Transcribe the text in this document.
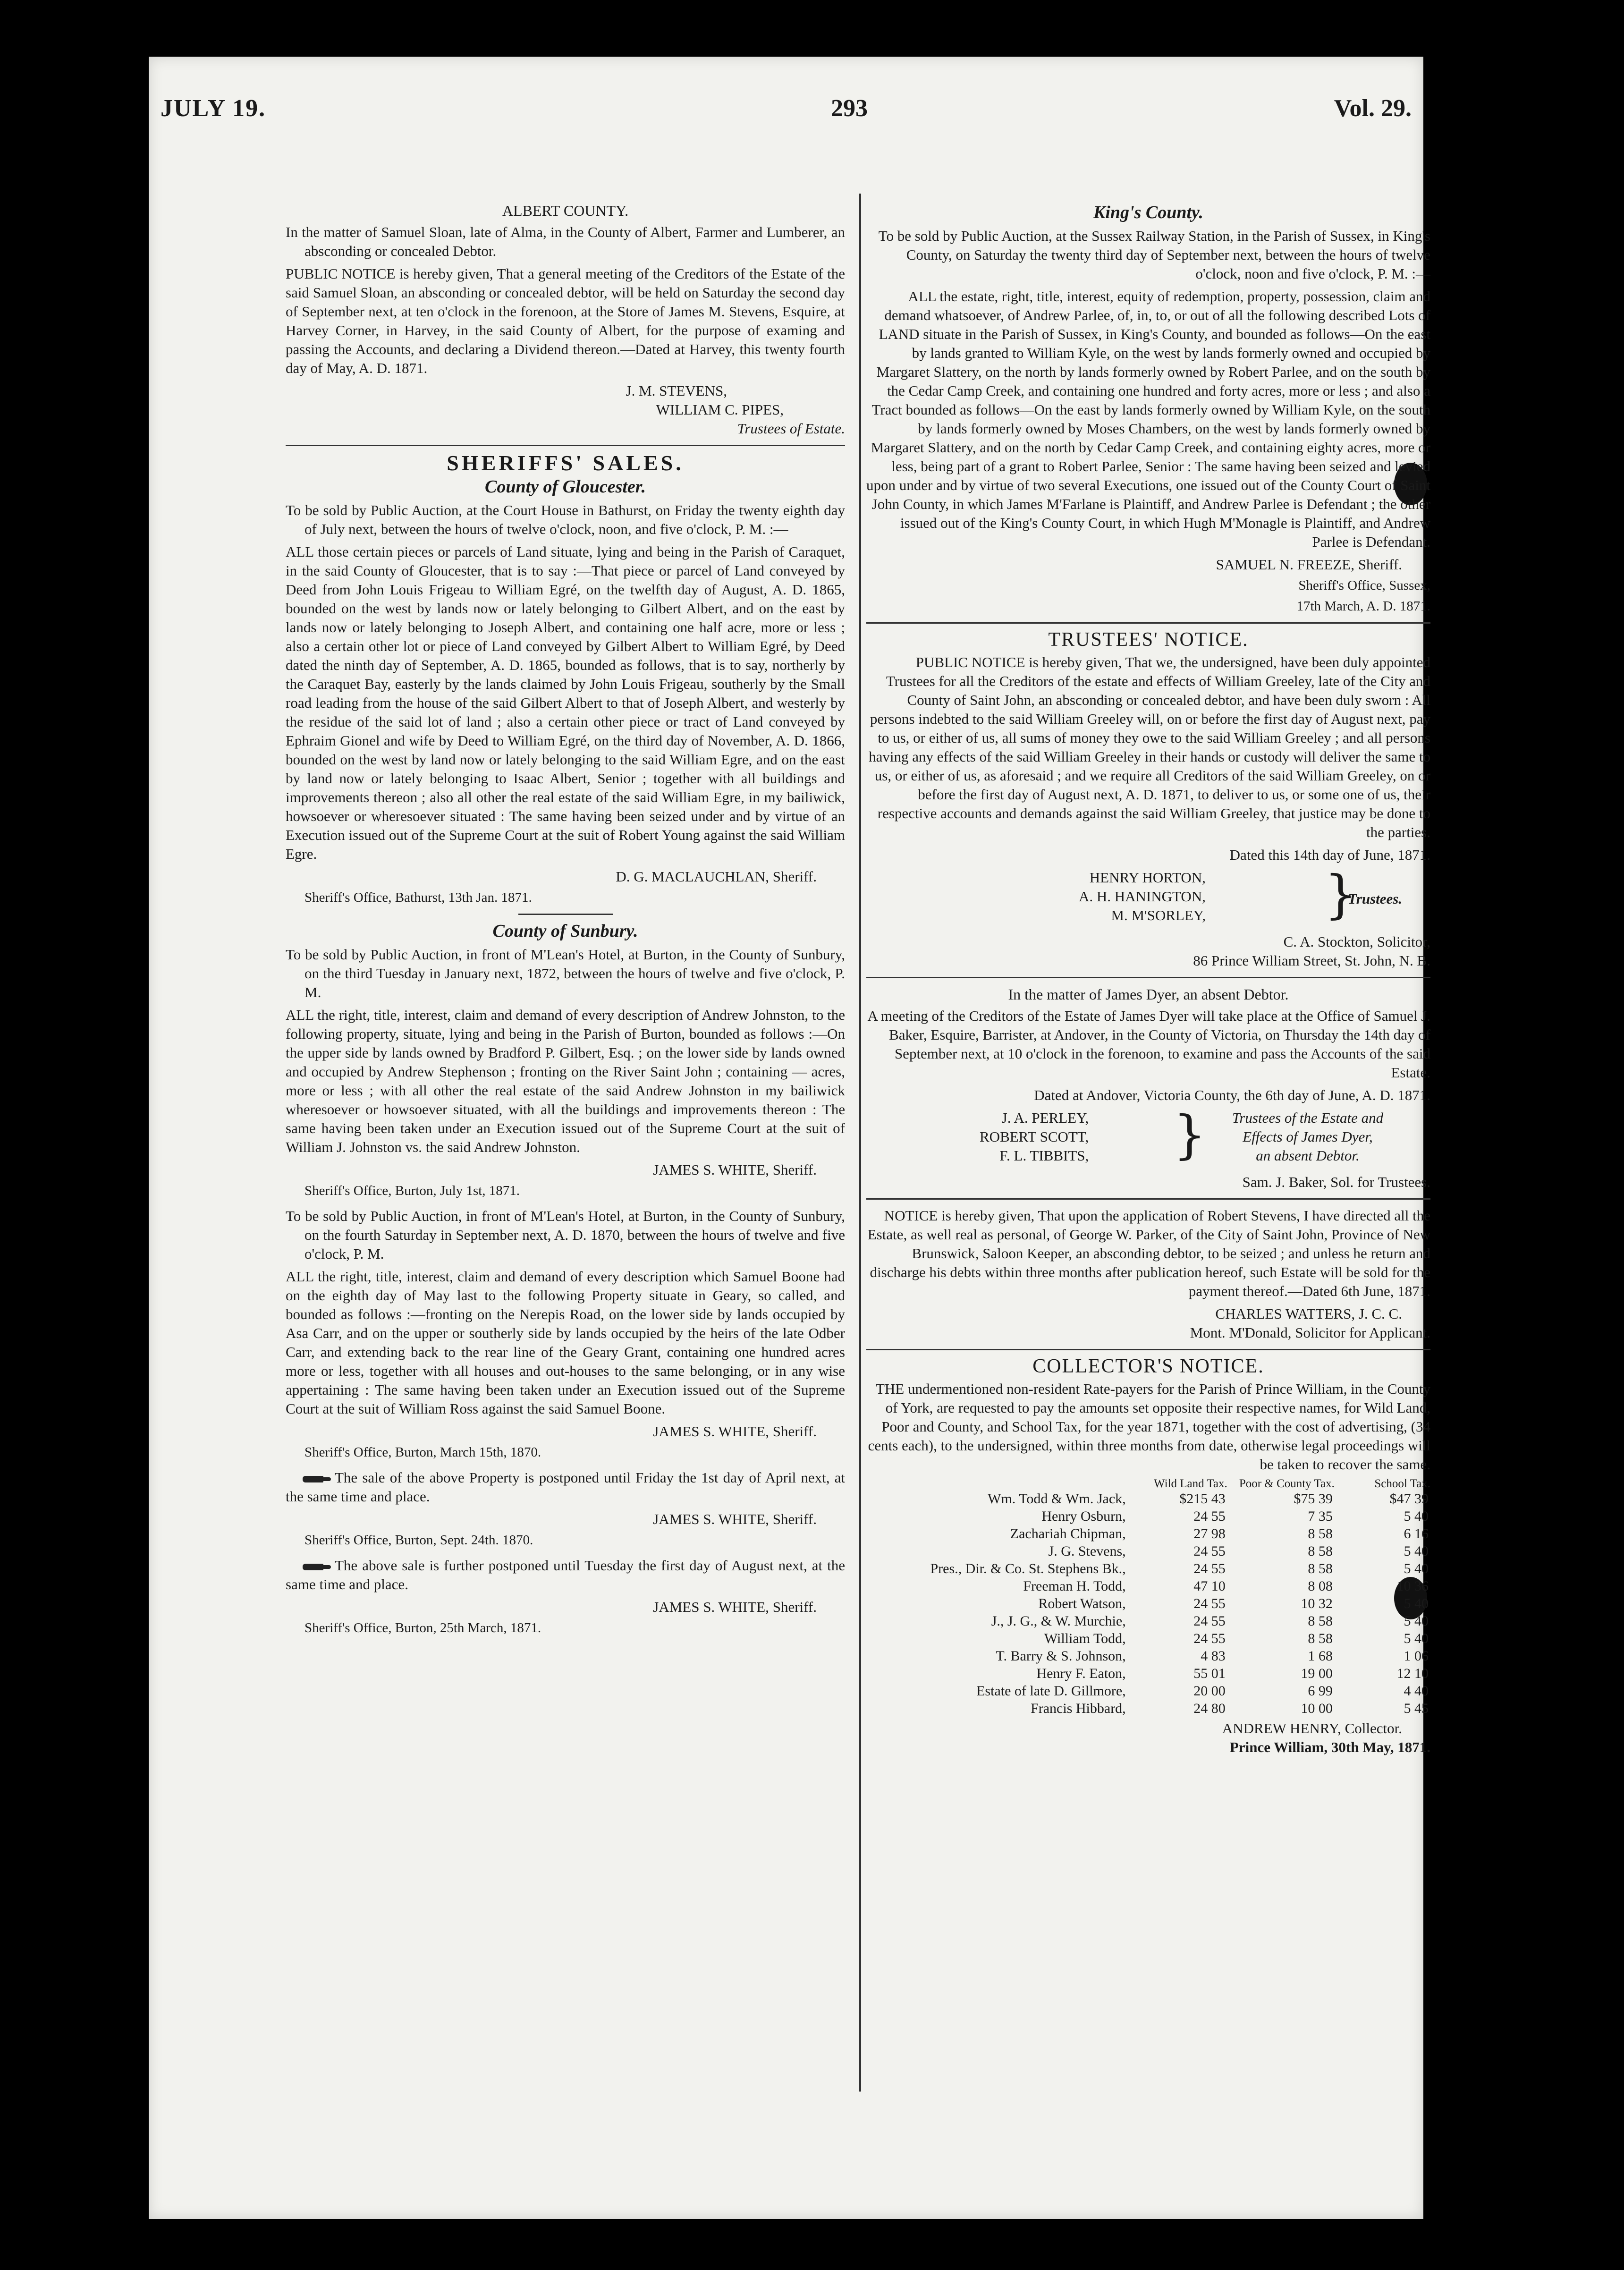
JULY 19.	293	Vol. 29.
ALBERT COUNTY.

In the matter of Samuel Sloan, late of Alma, in the County of Albert, Farmer and Lumberer, an absconding or concealed Debtor.

PUBLIC NOTICE is hereby given, That a general meeting of the Creditors of the Estate of the said Samuel Sloan, an absconding or concealed debtor, will be held on Saturday the second day of September next, at ten o'clock in the forenoon, at the Store of James M. Stevens, Esquire, at Harvey Corner, in Harvey, in the said County of Albert, for the purpose of examing and passing the Accounts, and declaring a Dividend thereon.—Dated at Harvey, this twenty fourth day of May, A. D. 1871.

J. M. STEVENS,
WILLIAM C. PIPES,
Trustees of Estate.
SHERIFFS' SALES.
County of Gloucester.

To be sold by Public Auction, at the Court House in Bathurst, on Friday the twenty eighth day of July next, between the hours of twelve o'clock, noon, and five o'clock, P. M. :—

ALL those certain pieces or parcels of Land situate, lying and being in the Parish of Caraquet, in the said County of Gloucester, that is to say :—That piece or parcel of Land conveyed by Deed from John Louis Frigeau to William Egré, on the twelfth day of August, A. D. 1865, bounded on the west by lands now or lately belonging to Gilbert Albert, and on the east by lands now or lately belonging to Joseph Albert, and containing one half acre, more or less ; also a certain other lot or piece of Land conveyed by Gilbert Albert to William Egré, by Deed dated the ninth day of September, A. D. 1865, bounded as follows, that is to say, northerly by the Caraquet Bay, easterly by the lands claimed by John Louis Frigeau, southerly by the Small road leading from the house of the said Gilbert Albert to that of Joseph Albert, and westerly by the residue of the said lot of land ; also a certain other piece or tract of Land conveyed by Ephraim Gionel and wife by Deed to William Egré, on the third day of November, A. D. 1866, bounded on the west by land now or lately belonging to the said William Egre, and on the east by land now or lately belonging to Isaac Albert, Senior ; together with all buildings and improvements thereon ; also all other the real estate of the said William Egre, in my bailiwick, howsoever or wheresoever situated : The same having been seized under and by virtue of an Execution issued out of the Supreme Court at the suit of Robert Young against the said William Egre.

D. G. MACLAUCHLAN, Sheriff.
Sheriff's Office, Bathurst, 13th Jan. 1871.
County of Sunbury.

To be sold by Public Auction, in front of M'Lean's Hotel, at Burton, in the County of Sunbury, on the third Tuesday in January next, 1872, between the hours of twelve and five o'clock, P. M.

ALL the right, title, interest, claim and demand of every description of Andrew Johnston, to the following property, situate, lying and being in the Parish of Burton, bounded as follows :—On the upper side by lands owned by Bradford P. Gilbert, Esq. ; on the lower side by lands owned and occupied by Andrew Stephenson ; fronting on the River Saint John ; containing — acres, more or less ; with all other the real estate of the said Andrew Johnston in my bailiwick wheresoever or howsoever situated, with all the buildings and improvements thereon : The same having been taken under an Execution issued out of the Supreme Court at the suit of William J. Johnston vs. the said Andrew Johnston.

JAMES S. WHITE, Sheriff.
Sheriff's Office, Burton, July 1st, 1871.

To be sold by Public Auction, in front of M'Lean's Hotel, at Burton, in the County of Sunbury, on the fourth Saturday in September next, A. D. 1870, between the hours of twelve and five o'clock, P. M.

ALL the right, title, interest, claim and demand of every description which Samuel Boone had on the eighth day of May last to the following Property situate in Geary, so called, and bounded as follows :—fronting on the Nerepis Road, on the lower side by lands occupied by Asa Carr, and on the upper or southerly side by lands occupied by the heirs of the late Odber Carr, and extending back to the rear line of the Geary Grant, containing one hundred acres more or less, together with all houses and out-houses to the same belonging, or in any wise appertaining : The same having been taken under an Execution issued out of the Supreme Court at the suit of William Ross against the said Samuel Boone.

JAMES S. WHITE, Sheriff.
Sheriff's Office, Burton, March 15th, 1870.

The sale of the above Property is postponed until Friday the 1st day of April next, at the same time and place.

JAMES S. WHITE, Sheriff.
Sheriff's Office, Burton, Sept. 24th. 1870.

The above sale is further postponed until Tuesday the first day of August next, at the same time and place.

JAMES S. WHITE, Sheriff.
Sheriff's Office, Burton, 25th March, 1871.
King's County.

To be sold by Public Auction, at the Sussex Railway Station, in the Parish of Sussex, in King's County, on Saturday the twenty third day of September next, between the hours of twelve o'clock, noon and five o'clock, P. M. :—

ALL the estate, right, title, interest, equity of redemption, property, possession, claim and demand whatsoever, of Andrew Parlee, of, in, to, or out of all the following described Lots of LAND situate in the Parish of Sussex, in King's County, and bounded as follows—On the east by lands granted to William Kyle, on the west by lands formerly owned and occupied by Margaret Slattery, on the north by lands formerly owned by Robert Parlee, and on the south by the Cedar Camp Creek, and containing one hundred and forty acres, more or less ; and also a Tract bounded as follows—On the east by lands formerly owned by William Kyle, on the south by lands formerly owned by Moses Chambers, on the west by lands formerly owned by Margaret Slattery, and on the north by Cedar Camp Creek, and containing eighty acres, more or less, being part of a grant to Robert Parlee, Senior : The same having been seized and levied upon under and by virtue of two several Executions, one issued out of the County Court of Saint John County, in which James M'Farlane is Plaintiff, and Andrew Parlee is Defendant ; the other issued out of the King's County Court, in which Hugh M'Monagle is Plaintiff, and Andrew Parlee is Defendant.

SAMUEL N. FREEZE, Sheriff.
Sheriff's Office, Sussex,
17th March, A. D. 1871.
TRUSTEES' NOTICE.

PUBLIC NOTICE is hereby given, That we, the undersigned, have been duly appointed Trustees for all the Creditors of the estate and effects of William Greeley, late of the City and County of Saint John, an absconding or concealed debtor, and have been duly sworn : All persons indebted to the said William Greeley will, on or before the first day of August next, pay to us, or either of us, all sums of money they owe to the said William Greeley ; and all persons having any effects of the said William Greeley in their hands or custody will deliver the same to us, or either of us, as aforesaid ; and we require all Creditors of the said William Greeley, on or before the first day of August next, A. D. 1871, to deliver to us, or some one of us, their respective accounts and demands against the said William Greeley, that justice may be done to the parties.

Dated this 14th day of June, 1871.

HENRY HORTON,
A. H. HANINGTON,
M. M'SORLEY, }
Trustees.
C. A. Stockton, Solicitor,
86 Prince William Street, St. John, N. B.
In the matter of James Dyer, an absent Debtor.

A meeting of the Creditors of the Estate of James Dyer will take place at the Office of Samuel J. Baker, Esquire, Barrister, at Andover, in the County of Victoria, on Thursday the 14th day of September next, at 10 o'clock in the forenoon, to examine and pass the Accounts of the said Estate.

Dated at Andover, Victoria County, the 6th day of June, A. D. 1871.

J. A. PERLEY,
ROBERT SCOTT,
F. L. TIBBITS, }	Trustees of the Estate and
Effects of James Dyer,
an absent Debtor.
Sam. J. Baker, Sol. for Trustees.

NOTICE is hereby given, That upon the application of Robert Stevens, I have directed all the Estate, as well real as personal, of George W. Parker, of the City of Saint John, Province of New Brunswick, Saloon Keeper, an absconding debtor, to be seized ; and unless he return and discharge his debts within three months after publication hereof, such Estate will be sold for the payment thereof.—Dated 6th June, 1871.

CHARLES WATTERS, J. C. C.
Mont. M'Donald, Solicitor for Applicant.
COLLECTOR'S NOTICE.

THE undermentioned non-resident Rate-payers for the Parish of Prince William, in the County of York, are requested to pay the amounts set opposite their respective names, for Wild Land, Poor and County, and School Tax, for the year 1871, together with the cost of advertising, (34 cents each), to the undersigned, within three months from date, otherwise legal proceedings will be taken to recover the same.

	Wild Land Tax.	Poor & County Tax.	School Tax.
Wm. Todd & Wm. Jack,	$215 43	$75 39	$47 39
Henry Osburn,	24 55	7 35	5 40
Zachariah Chipman,	27 98	8 58	6 16
J. G. Stevens,	24 55	8 58	5 40
Pres., Dir. & Co. St. Stephens Bk.,	24 55	8 58	5 40
Freeman H. Todd,	47 10	8 08	10 36
Robert Watson,	24 55	10 32	5 40
J., J. G., & W. Murchie,	24 55	8 58	5 40
William Todd,	24 55	8 58	5 40
T. Barry & S. Johnson,	4 83	1 68	1 06
Henry F. Eaton,	55 01	19 00	12 10
Estate of late D. Gillmore,	20 00	6 99	4 40
Francis Hibbard,	24 80	10 00	5 45
ANDREW HENRY, Collector.
Prince William, 30th May, 1871.
